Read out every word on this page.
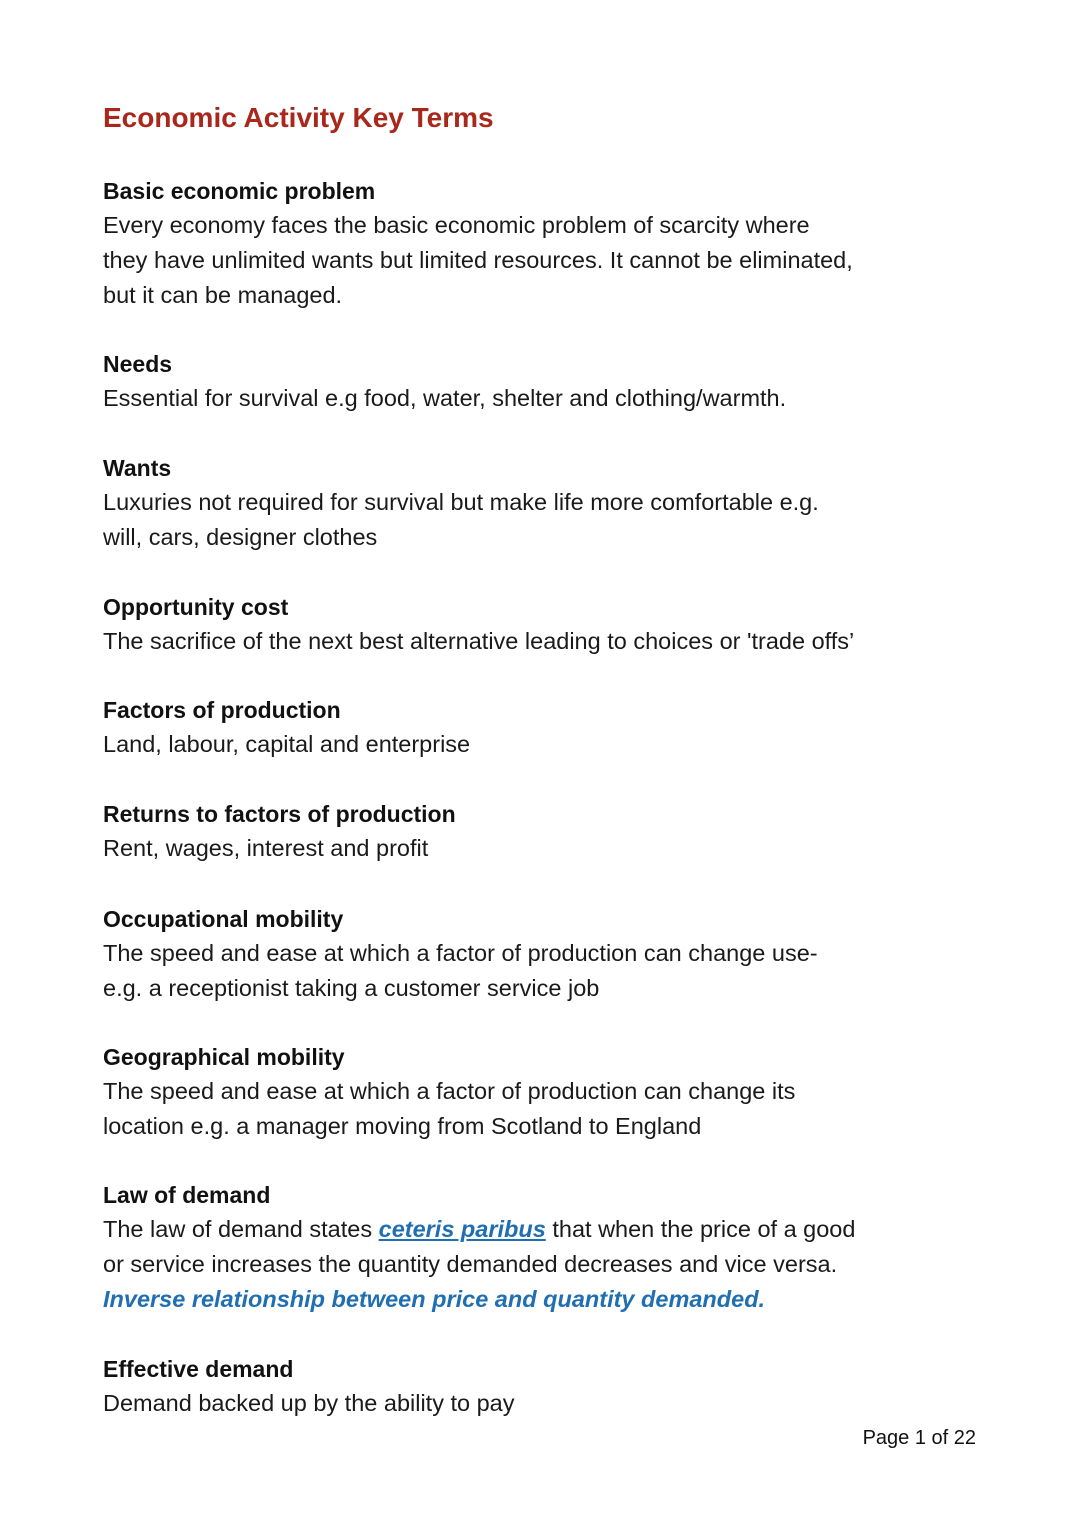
Economic Activity Key Terms
Basic economic problem

Every economy faces the basic economic problem of scarcity where
they have unlimited wants but limited resources. It cannot be eliminated,
but it can be managed.

Needs

Essential for survival e.g food, water, shelter and clothing/warmth.

Wants

Luxuries not required for survival but make life more comfortable e.g.
will, cars, designer clothes

Opportunity cost

The sacrifice of the next best alternative leading to choices or 'trade offs’

Factors of production

Land, labour, capital and enterprise

Returns to factors of production

Rent, wages, interest and profit

Occupational mobility

The speed and ease at which a factor of production can change use-
e.g. a receptionist taking a customer service job

Geographical mobility

The speed and ease at which a factor of production can change its
location e.g. a manager moving from Scotland to England

Law of demand

The law of demand states ceteris paribus that when the price of a good
or service increases the quantity demanded decreases and vice versa.
Inverse relationship between price and quantity demanded.

Effective demand

Demand backed up by the ability to pay

Page 1 of 22
